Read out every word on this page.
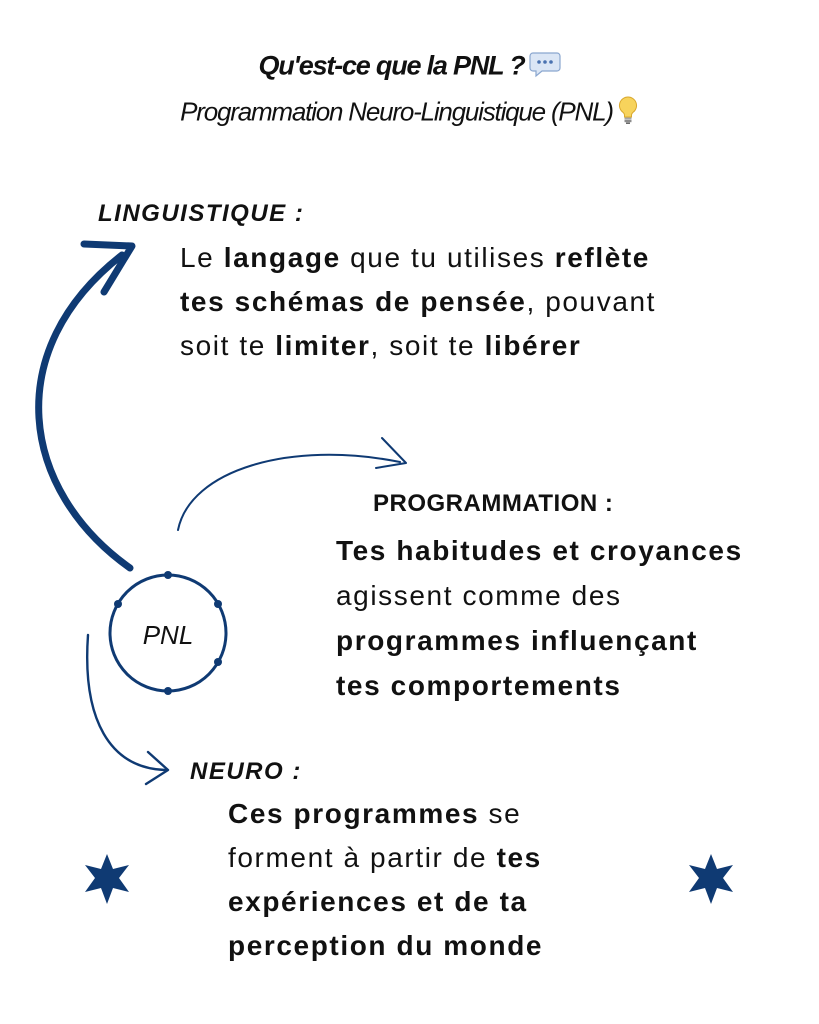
Qu'est-ce que la PNL ?
Programmation Neuro-Linguistique (PNL)
PNL
LINGUISTIQUE :
Le langage que tu utilises reflète
tes schémas de pensée, pouvant
soit te limiter, soit te libérer
PROGRAMMATION :
Tes habitudes et croyances
agissent comme des
programmes influençant
tes comportements
NEURO :
Ces programmes se
forment à partir de tes
expériences et de ta
perception du monde
